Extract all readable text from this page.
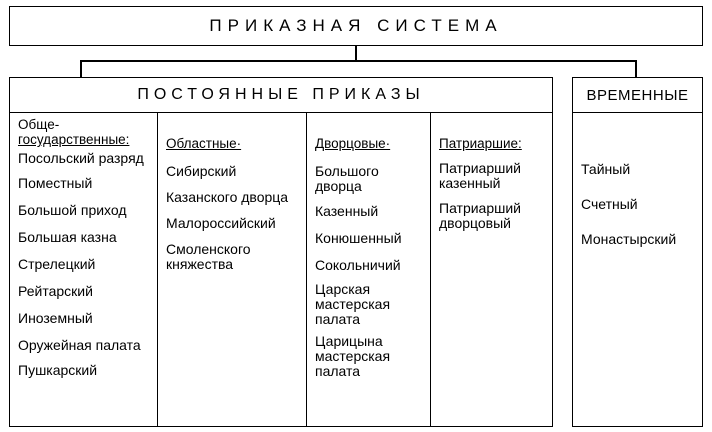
ПРИКАЗНАЯ СИСТЕМА
ПОСТОЯННЫЕ ПРИКАЗЫ	ВРЕМЕННЫЕ
Обще-
государственные:
Посольский разряд
Поместный
Большой приход
Большая казна
Стрелецкий
Рейтарский
Иноземный
Оружейная палата
Пушкарский
Областные·
Сибирский
Казанского дворца
Малороссийский
Смоленского княжества
Дворцовые·
Большого дворца
Казенный
Конюшенный
Сокольничий
Царская мастерская палата
Царицына мастерская палата
Патриаршие:
Патриарший казенный
Патриарший дворцовый
Тайный
Счетный
Монастырский
